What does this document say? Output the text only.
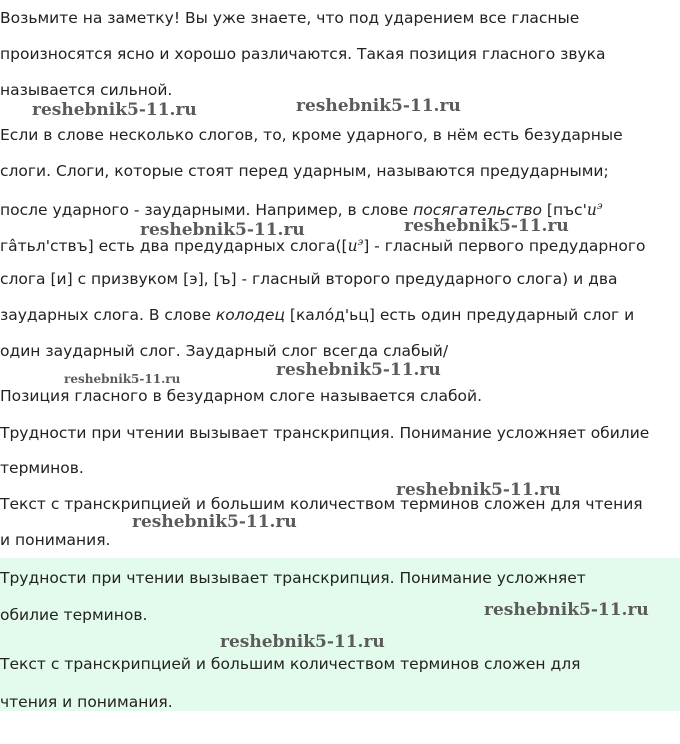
Возьмите на заметку! Вы уже знаете, что под ударением все гласные
произносятся ясно и хорошо различаются. Такая позиция гласного звука
называется сильной.
Если в слове несколько слогов, то, кроме ударного, в нём есть безударные
слоги. Слоги, которые стоят перед ударным, называются предударными;
после ударного - заударными. Например, в слове посягательство [$пъс'и^э$
гâтьл'ствъ] есть два предударных $слога([и^э]$ - гласный первого предударного
слога [и] с призвуком [э], [ъ] - гласный второго предударного слога) и два
заударных слога. В слове колодец [калóд'ьц] есть один предударный слог и
один заударный слог. Заударный слог всегда слабый/
Позиция гласного в безударном слоге называется слабой.
Трудности при чтении вызывает транскрипция. Понимание усложняет обилие
терминов.
Текст с транскрипцией и большим количеством терминов сложен для чтения
и понимания.
Трудности при чтении вызывает транскрипция. Понимание усложняет
обилие терминов.
Текст с транскрипцией и большим количеством терминов сложен для
чтения и понимания.
reshebnik5-11.ru	reshebnik5-11.ru
reshebnik5-11.ru	reshebnik5-11.ru
reshebnik5-11.ru	reshebnik5-11.ru
reshebnik5-11.ru
reshebnik5-11.ru
reshebnik5-11.ru
reshebnik5-11.ru
